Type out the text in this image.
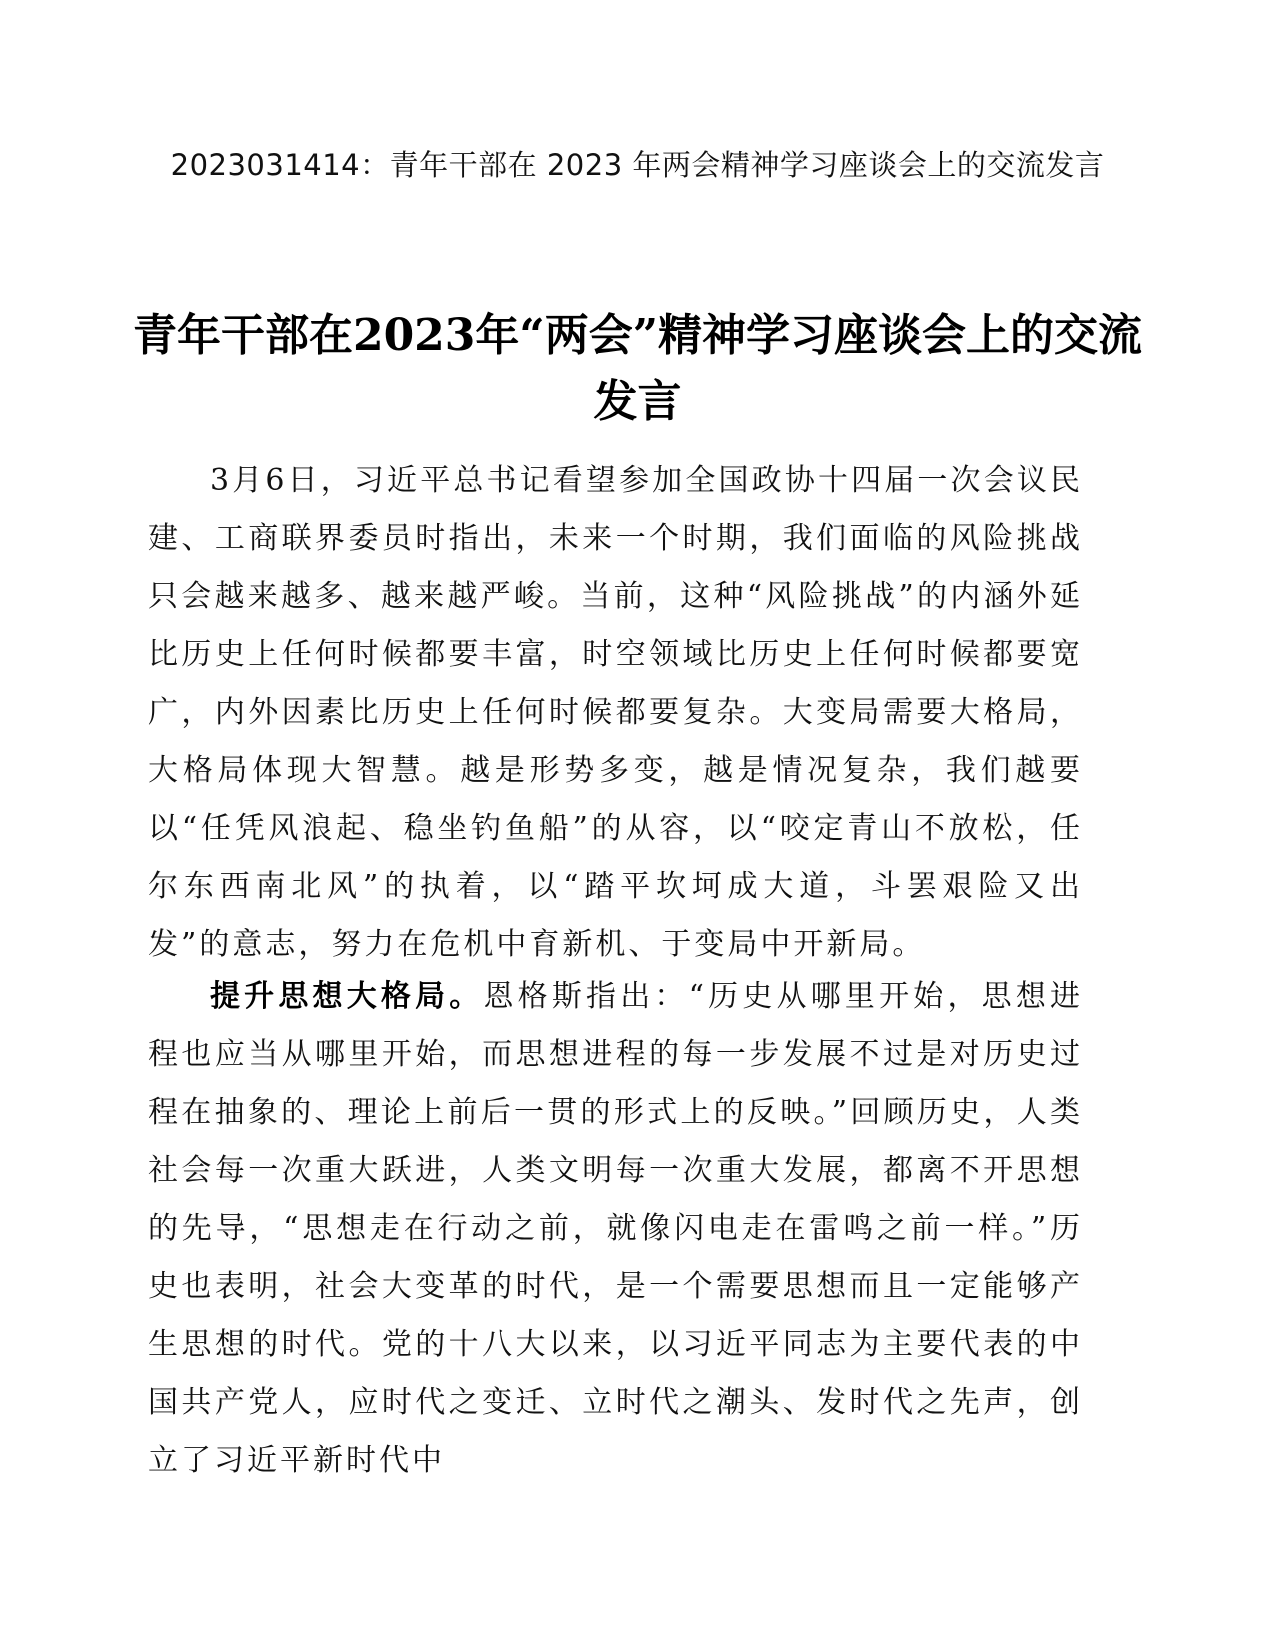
2023031414：青年干部在 2023 年两会精神学习座谈会上的交流发言
青年干部在2023年“两会”精神学习座谈会上的交流发言

3月6日，习近平总书记看望参加全国政协十四届一次会议民建、工商联界委员时指出，未来一个时期，我们面临的风险挑战只会越来越多、越来越严峻。当前，这种“风险挑战”的内涵外延比历史上任何时候都要丰富，时空领域比历史上任何时候都要宽广，内外因素比历史上任何时候都要复杂。大变局需要大格局，大格局体现大智慧。越是形势多变，越是情况复杂，我们越要以“任凭风浪起、稳坐钓鱼船”的从容，以“咬定青山不放松，任尔东西南北风”的执着，以“踏平坎坷成大道，斗罢艰险又出发”的意志，努力在危机中育新机、于变局中开新局。

提升思想大格局。恩格斯指出：“历史从哪里开始，思想进程也应当从哪里开始，而思想进程的每一步发展不过是对历史过程在抽象的、理论上前后一贯的形式上的反映。”回顾历史，人类社会每一次重大跃进，人类文明每一次重大发展，都离不开思想的先导，“思想走在行动之前，就像闪电走在雷鸣之前一样。”历史也表明，社会大变革的时代，是一个需要思想而且一定能够产生思想的时代。党的十八大以来，以习近平同志为主要代表的中国共产党人，应时代之变迁、立时代之潮头、发时代之先声，创立了习近平新时代中
